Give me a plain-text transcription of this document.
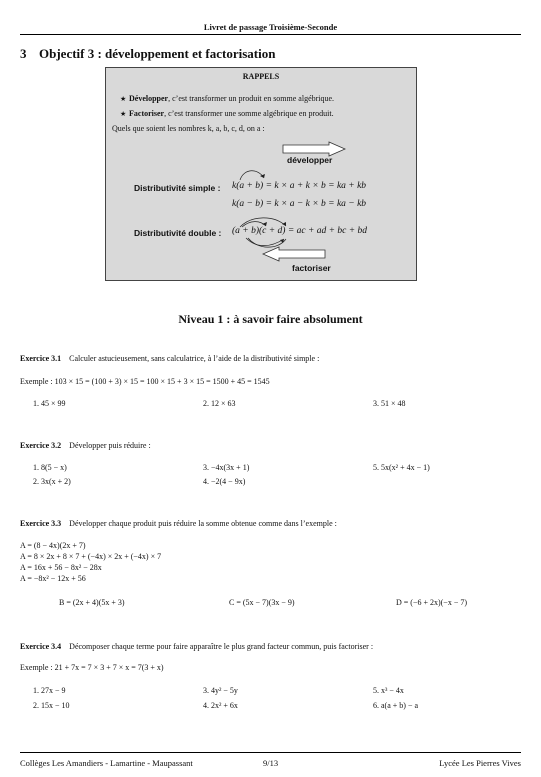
Livret de passage Troisième-Seconde
3 Objectif 3 : développement et factorisation
RAPPELS
★ Développer, c’est transformer un produit en somme algébrique.
★ Factoriser, c’est transformer une somme algébrique en produit.
Quels que soient les nombres k, a, b, c, d, on a :
développer
Distributivité simple : k(a + b) = k × a + k × b = ka + kb
k(a − b) = k × a − k × b = ka − kb
Distributivité double : (a + b)(c + d) = ac + ad + bc + bd
factoriser
Niveau 1 : à savoir faire absolument
Exercice 3.1 Calculer astucieusement, sans calculatrice, à l’aide de la distributivité simple :
Exemple : 103 × 15 = (100 + 3) × 15 = 100 × 15 + 3 × 15 = 1500 + 45 = 1545
1. 45 × 99	2. 12 × 63	3. 51 × 48
Exercice 3.2 Développer puis réduire :
1. 8(5 − x)
2. 3x(x + 2)
3. −4x(3x + 1)
4. −2(4 − 9x)
5. 5x(x² + 4x − 1)
Exercice 3.3 Développer chaque produit puis réduire la somme obtenue comme dans l’exemple :
A = (8 − 4x)(2x + 7)
A = 8 × 2x + 8 × 7 + (−4x) × 2x + (−4x) × 7
A = 16x + 56 − 8x² − 28x
A = −8x² − 12x + 56
B = (2x + 4)(5x + 3)	C = (5x − 7)(3x − 9)	D = (−6 + 2x)(−x − 7)
Exercice 3.4 Décomposer chaque terme pour faire apparaître le plus grand facteur commun, puis factoriser :
Exemple : 21 + 7x = 7 × 3 + 7 × x = 7(3 + x)
1. 27x − 9
2. 15x − 10
3. 4y² − 5y
4. 2x² + 6x
5. x³ − 4x
6. a(a + b) − a
Collèges Les Amandiers - Lamartine - Maupassant	9/13	Lycée Les Pierres Vives
